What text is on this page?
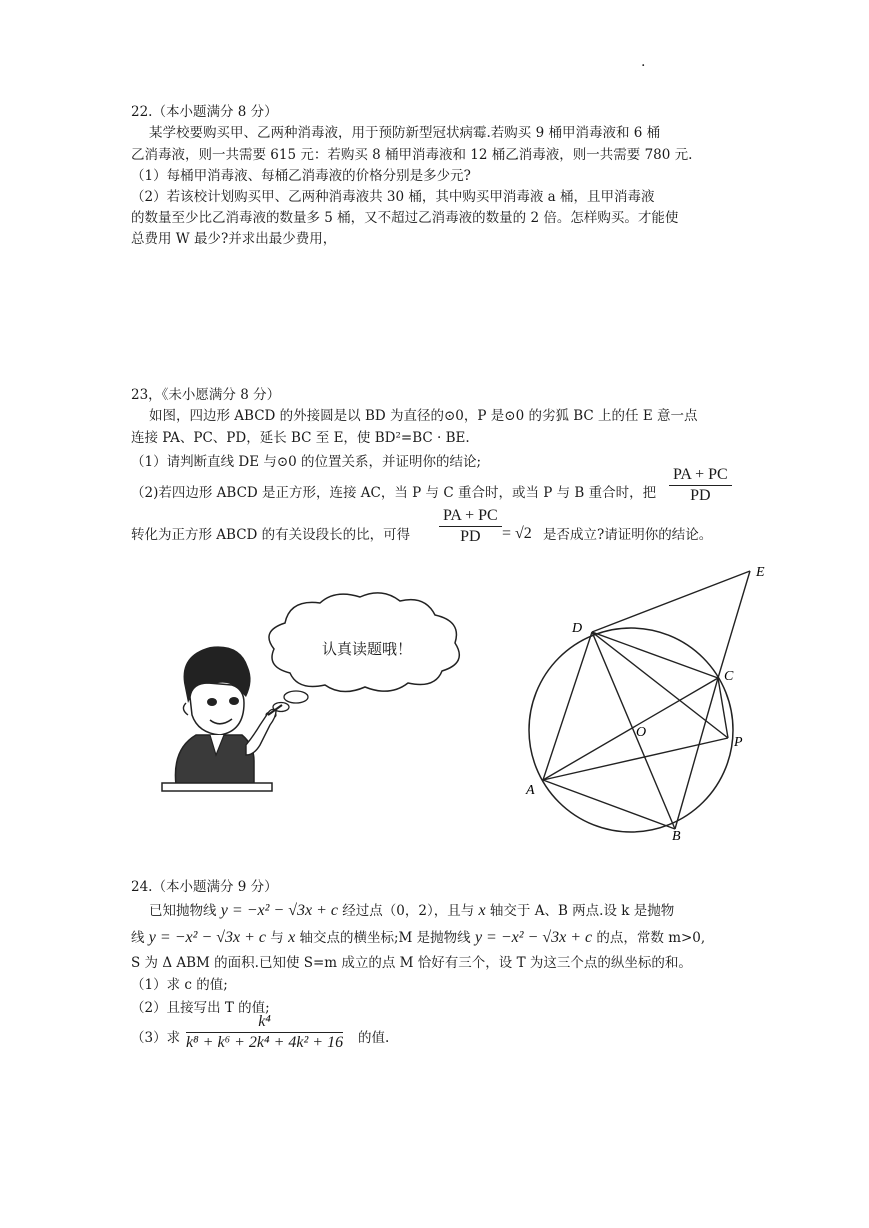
.
22.（本小题满分 8 分）
某学校要购买甲、乙两种消毒液，用于预防新型冠状病霉.若购买 9 桶甲消毒液和 6 桶
乙消毒液，则一共需要 615 元：若购买 8 桶甲消毒液和 12 桶乙消毒液，则一共需要 780 元.
（1）每桶甲消毒液、每桶乙消毒液的价格分别是多少元?
（2）若该校计划购买甲、乙两种消毒液共 30 桶，其中购买甲消毒液 a 桶，且甲消毒液
的数量至少比乙消毒液的数量多 5 桶，又不超过乙消毒液的数量的 2 倍。怎样购买。才能使
总费用 W 最少?并求出最少费用，
23，《未小愿满分 8 分）
如图，四边形 ABCD 的外接圆是以 BD 为直径的⊙0，P 是⊙0 的劣狐 BC 上的任 E 意一点
连接 PA、PC、PD，延长 BC 至 E，使 BD²=BC · BE.
（1）请判断直线 DE 与⊙0 的位置关系，并证明你的结论;
（2)若四边形 ABCD 是正方形，连接 AC，当 P 与 C 重合时，或当 P 与 B 重合时，把 $\frac{PA + PC}{PD}$
转化为正方形 ABCD 的有关设段长的比，可得 $\frac{PA + PC}{PD} = √2$ 是否成立?请证明你的结论。
认真读题哦！
D
E
C
O
P
A
B
24.（本小题满分 9 分）
已知抛物线 y = −x² − √3x + c 经过点（0，2），且与 x 轴交于 A、B 两点.设 k 是抛物
线 y = −x² − √3x + c 与 x 轴交点的横坐标;M 是抛物线 y = −x² − √3x + c 的点，常数 m>0,
S 为 Δ ABM 的面积.已知使 S=m 成立的点 M 恰好有三个，设 T 为这三个点的纵坐标的和。
（1）求 c 的值;
（2）且接写出 T 的值;
（3）求 $\frac{\text{k⁴}}{\text{k⁸ + k⁶ + 2k⁴ + 4k² + 16}}$ 的值.
